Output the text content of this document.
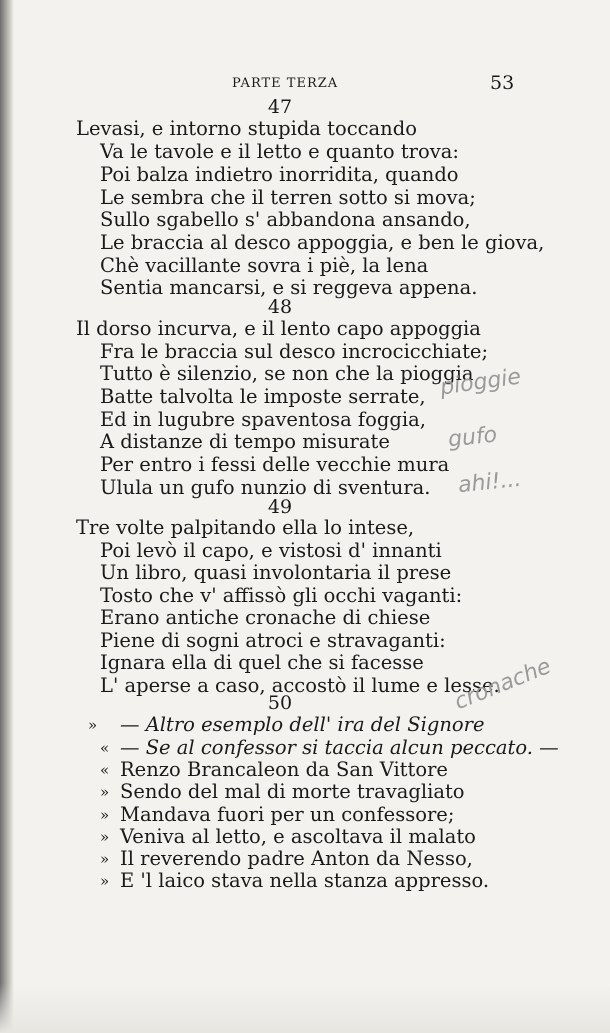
PARTE TERZA	53
47
Levasi, e intorno stupida toccando
Va le tavole e il letto e quanto trova:
Poi balza indietro inorridita, quando
Le sembra che il terren sotto si mova;
Sullo sgabello s' abbandona ansando,
Le braccia al desco appoggia, e ben le giova,
Chè vacillante sovra i piè, la lena
Sentia mancarsi, e si reggeva appena.
48
Il dorso incurva, e il lento capo appoggia
Fra le braccia sul desco incrocicchiate;
Tutto è silenzio, se non che la pioggia
Batte talvolta le imposte serrate,
Ed in lugubre spaventosa foggia,
A distanze di tempo misurate
Per entro i fessi delle vecchie mura
Ulula un gufo nunzio di sventura.
49
Tre volte palpitando ella lo intese,
Poi levò il capo, e vistosi d' innanti
Un libro, quasi involontaria il prese
Tosto che v' affissò gli occhi vaganti:
Erano antiche cronache di chiese
Piene di sogni atroci e stravaganti:
Ignara ella di quel che si facesse
L' aperse a caso, accostò il lume e lesse.
50
» — Altro esemplo dell' ira del Signore
« — Se al confessor si taccia alcun peccato. —
« Renzo Brancaleon da San Vittore
» Sendo del mal di morte travagliato
» Mandava fuori per un confessore;
» Veniva al letto, e ascoltava il malato
» Il reverendo padre Anton da Nesso,
» E 'l laico stava nella stanza appresso.
pioggie
gufo
ahi!...
cronache
